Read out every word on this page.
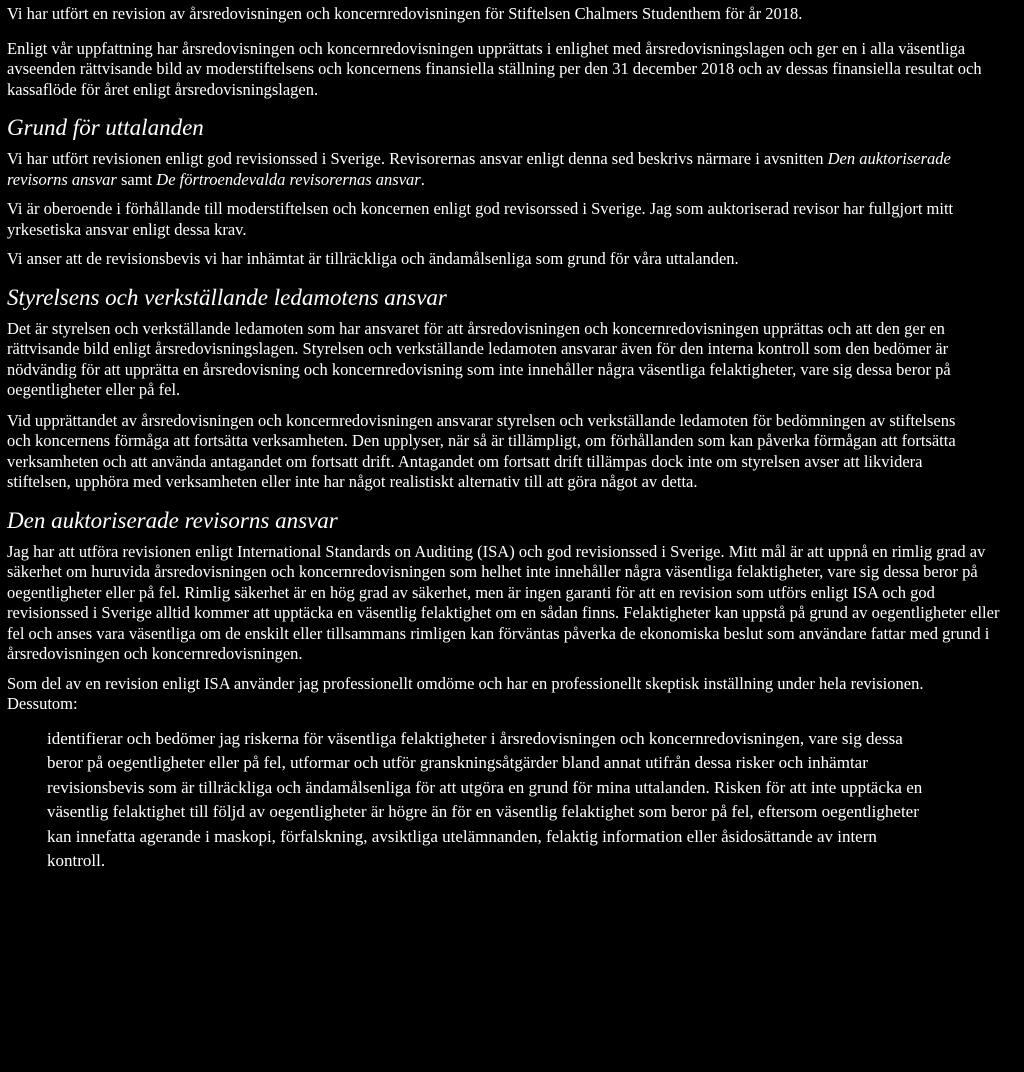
Vi har utfört en revision av årsredovisningen och koncernredovisningen för Stiftelsen Chalmers Studenthem för år 2018.

Enligt vår uppfattning har årsredovisningen och koncernredovisningen upprättats i enlighet med årsredovisningslagen och ger en i alla väsentliga avseenden rättvisande bild av moderstiftelsens och koncernens finansiella ställning per den 31 december 2018 och av dessas finansiella resultat och kassaflöde för året enligt årsredovisningslagen.

Grund för uttalanden

Vi har utfört revisionen enligt god revisionssed i Sverige. Revisorernas ansvar enligt denna sed beskrivs närmare i avsnitten Den auktoriserade revisorns ansvar samt De förtroendevalda revisorernas ansvar.

Vi är oberoende i förhållande till moderstiftelsen och koncernen enligt god revisorssed i Sverige. Jag som auktoriserad revisor har fullgjort mitt yrkesetiska ansvar enligt dessa krav.

Vi anser att de revisionsbevis vi har inhämtat är tillräckliga och ändamålsenliga som grund för våra uttalanden.

Styrelsens och verkställande ledamotens ansvar

Det är styrelsen och verkställande ledamoten som har ansvaret för att årsredovisningen och koncernredovisningen upprättas och att den ger en rättvisande bild enligt årsredovisningslagen. Styrelsen och verkställande ledamoten ansvarar även för den interna kontroll som den bedömer är nödvändig för att upprätta en årsredovisning och koncernredovisning som inte innehåller några väsentliga felaktigheter, vare sig dessa beror på oegentligheter eller på fel.

Vid upprättandet av årsredovisningen och koncernredovisningen ansvarar styrelsen och verkställande ledamoten för bedömningen av stiftelsens och koncernens förmåga att fortsätta verksamheten. Den upplyser, när så är tillämpligt, om förhållanden som kan påverka förmågan att fortsätta verksamheten och att använda antagandet om fortsatt drift. Antagandet om fortsatt drift tillämpas dock inte om styrelsen avser att likvidera stiftelsen, upphöra med verksamheten eller inte har något realistiskt alternativ till att göra något av detta.

Den auktoriserade revisorns ansvar

Jag har att utföra revisionen enligt International Standards on Auditing (ISA) och god revisionssed i Sverige. Mitt mål är att uppnå en rimlig grad av säkerhet om huruvida årsredovisningen och koncernredovisningen som helhet inte innehåller några väsentliga felaktigheter, vare sig dessa beror på oegentligheter eller på fel. Rimlig säkerhet är en hög grad av säkerhet, men är ingen garanti för att en revision som utförs enligt ISA och god revisionssed i Sverige alltid kommer att upptäcka en väsentlig felaktighet om en sådan finns. Felaktigheter kan uppstå på grund av oegentligheter eller fel och anses vara väsentliga om de enskilt eller tillsammans rimligen kan förväntas påverka de ekonomiska beslut som användare fattar med grund i årsredovisningen och koncernredovisningen.

Som del av en revision enligt ISA använder jag professionellt omdöme och har en professionellt skeptisk inställning under hela revisionen. Dessutom:

identifierar och bedömer jag riskerna för väsentliga felaktigheter i årsredovisningen och koncernredovisningen, vare sig dessa beror på oegentligheter eller på fel, utformar och utför granskningsåtgärder bland annat utifrån dessa risker och inhämtar revisionsbevis som är tillräckliga och ändamålsenliga för att utgöra en grund för mina uttalanden. Risken för att inte upptäcka en väsentlig felaktighet till följd av oegentligheter är högre än för en väsentlig felaktighet som beror på fel, eftersom oegentligheter kan innefatta agerande i maskopi, förfalskning, avsiktliga utelämnanden, felaktig information eller åsidosättande av intern kontroll.
